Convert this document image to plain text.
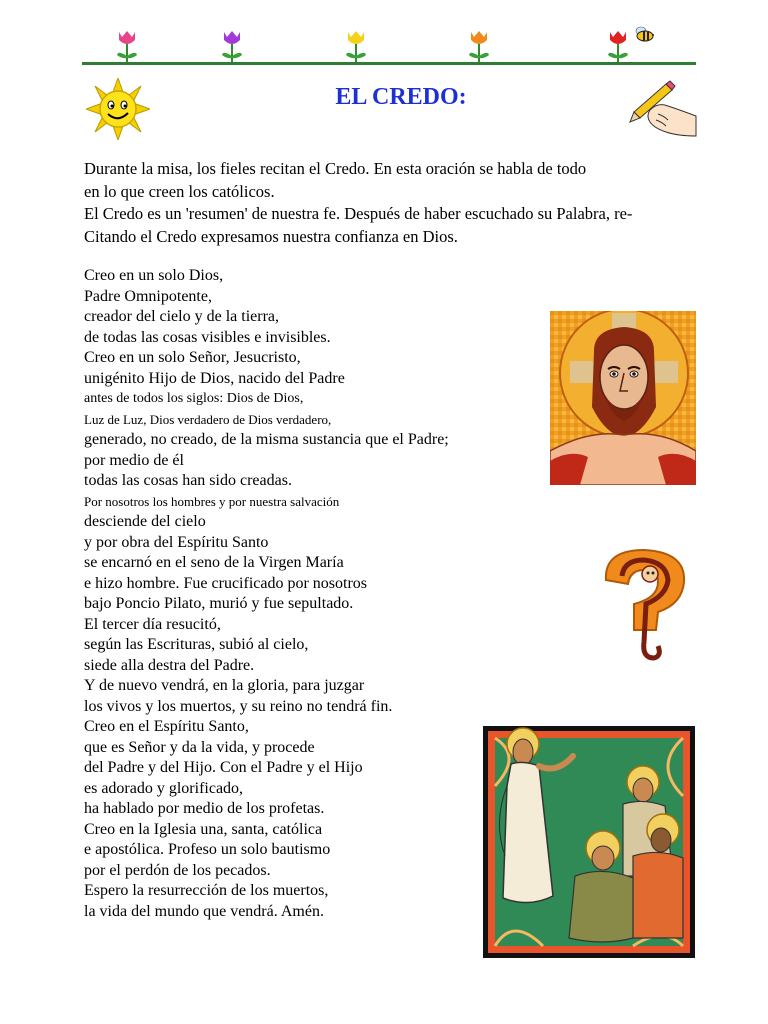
EL CREDO:
Durante la misa, los fieles recitan el Credo. En esta oración se habla de todo
en lo que creen los católicos.
El Credo es un 'resumen' de nuestra fe. Después de haber escuchado su Palabra, re-
Citando el Credo expresamos nuestra confianza en Dios.
Creo en un solo Dios,
Padre Omnipotente,
creador del cielo y de la tierra,
de todas las cosas visibles e invisibles.
Creo en un solo Señor, Jesucristo,
unigénito Hijo de Dios, nacido del Padre
antes de todos los siglos: Dios de Dios,
Luz de Luz, Dios verdadero de Dios verdadero,
generado, no creado, de la misma sustancia que el Padre;
por medio de él
todas las cosas han sido creadas.
Por nosotros los hombres y por nuestra salvación
desciende del cielo
y por obra del Espíritu Santo
se encarnó en el seno de la Virgen María
e hizo hombre. Fue crucificado por nosotros
bajo Poncio Pilato, murió y fue sepultado.
El tercer día resucitó,
según las Escrituras, subió al cielo,
siede alla destra del Padre.
Y de nuevo vendrá, en la gloria, para juzgar
los vivos y los muertos, y su reino no tendrá fin.
Creo en el Espíritu Santo,
que es Señor y da la vida, y procede
del Padre y del Hijo. Con el Padre y el Hijo
es adorado y glorificado,
ha hablado por medio de los profetas.
Creo en la Iglesia una, santa, católica
e apostólica. Profeso un solo bautismo
por el perdón de los pecados.
Espero la resurrección de los muertos,
la vida del mundo que vendrá. Amén.
